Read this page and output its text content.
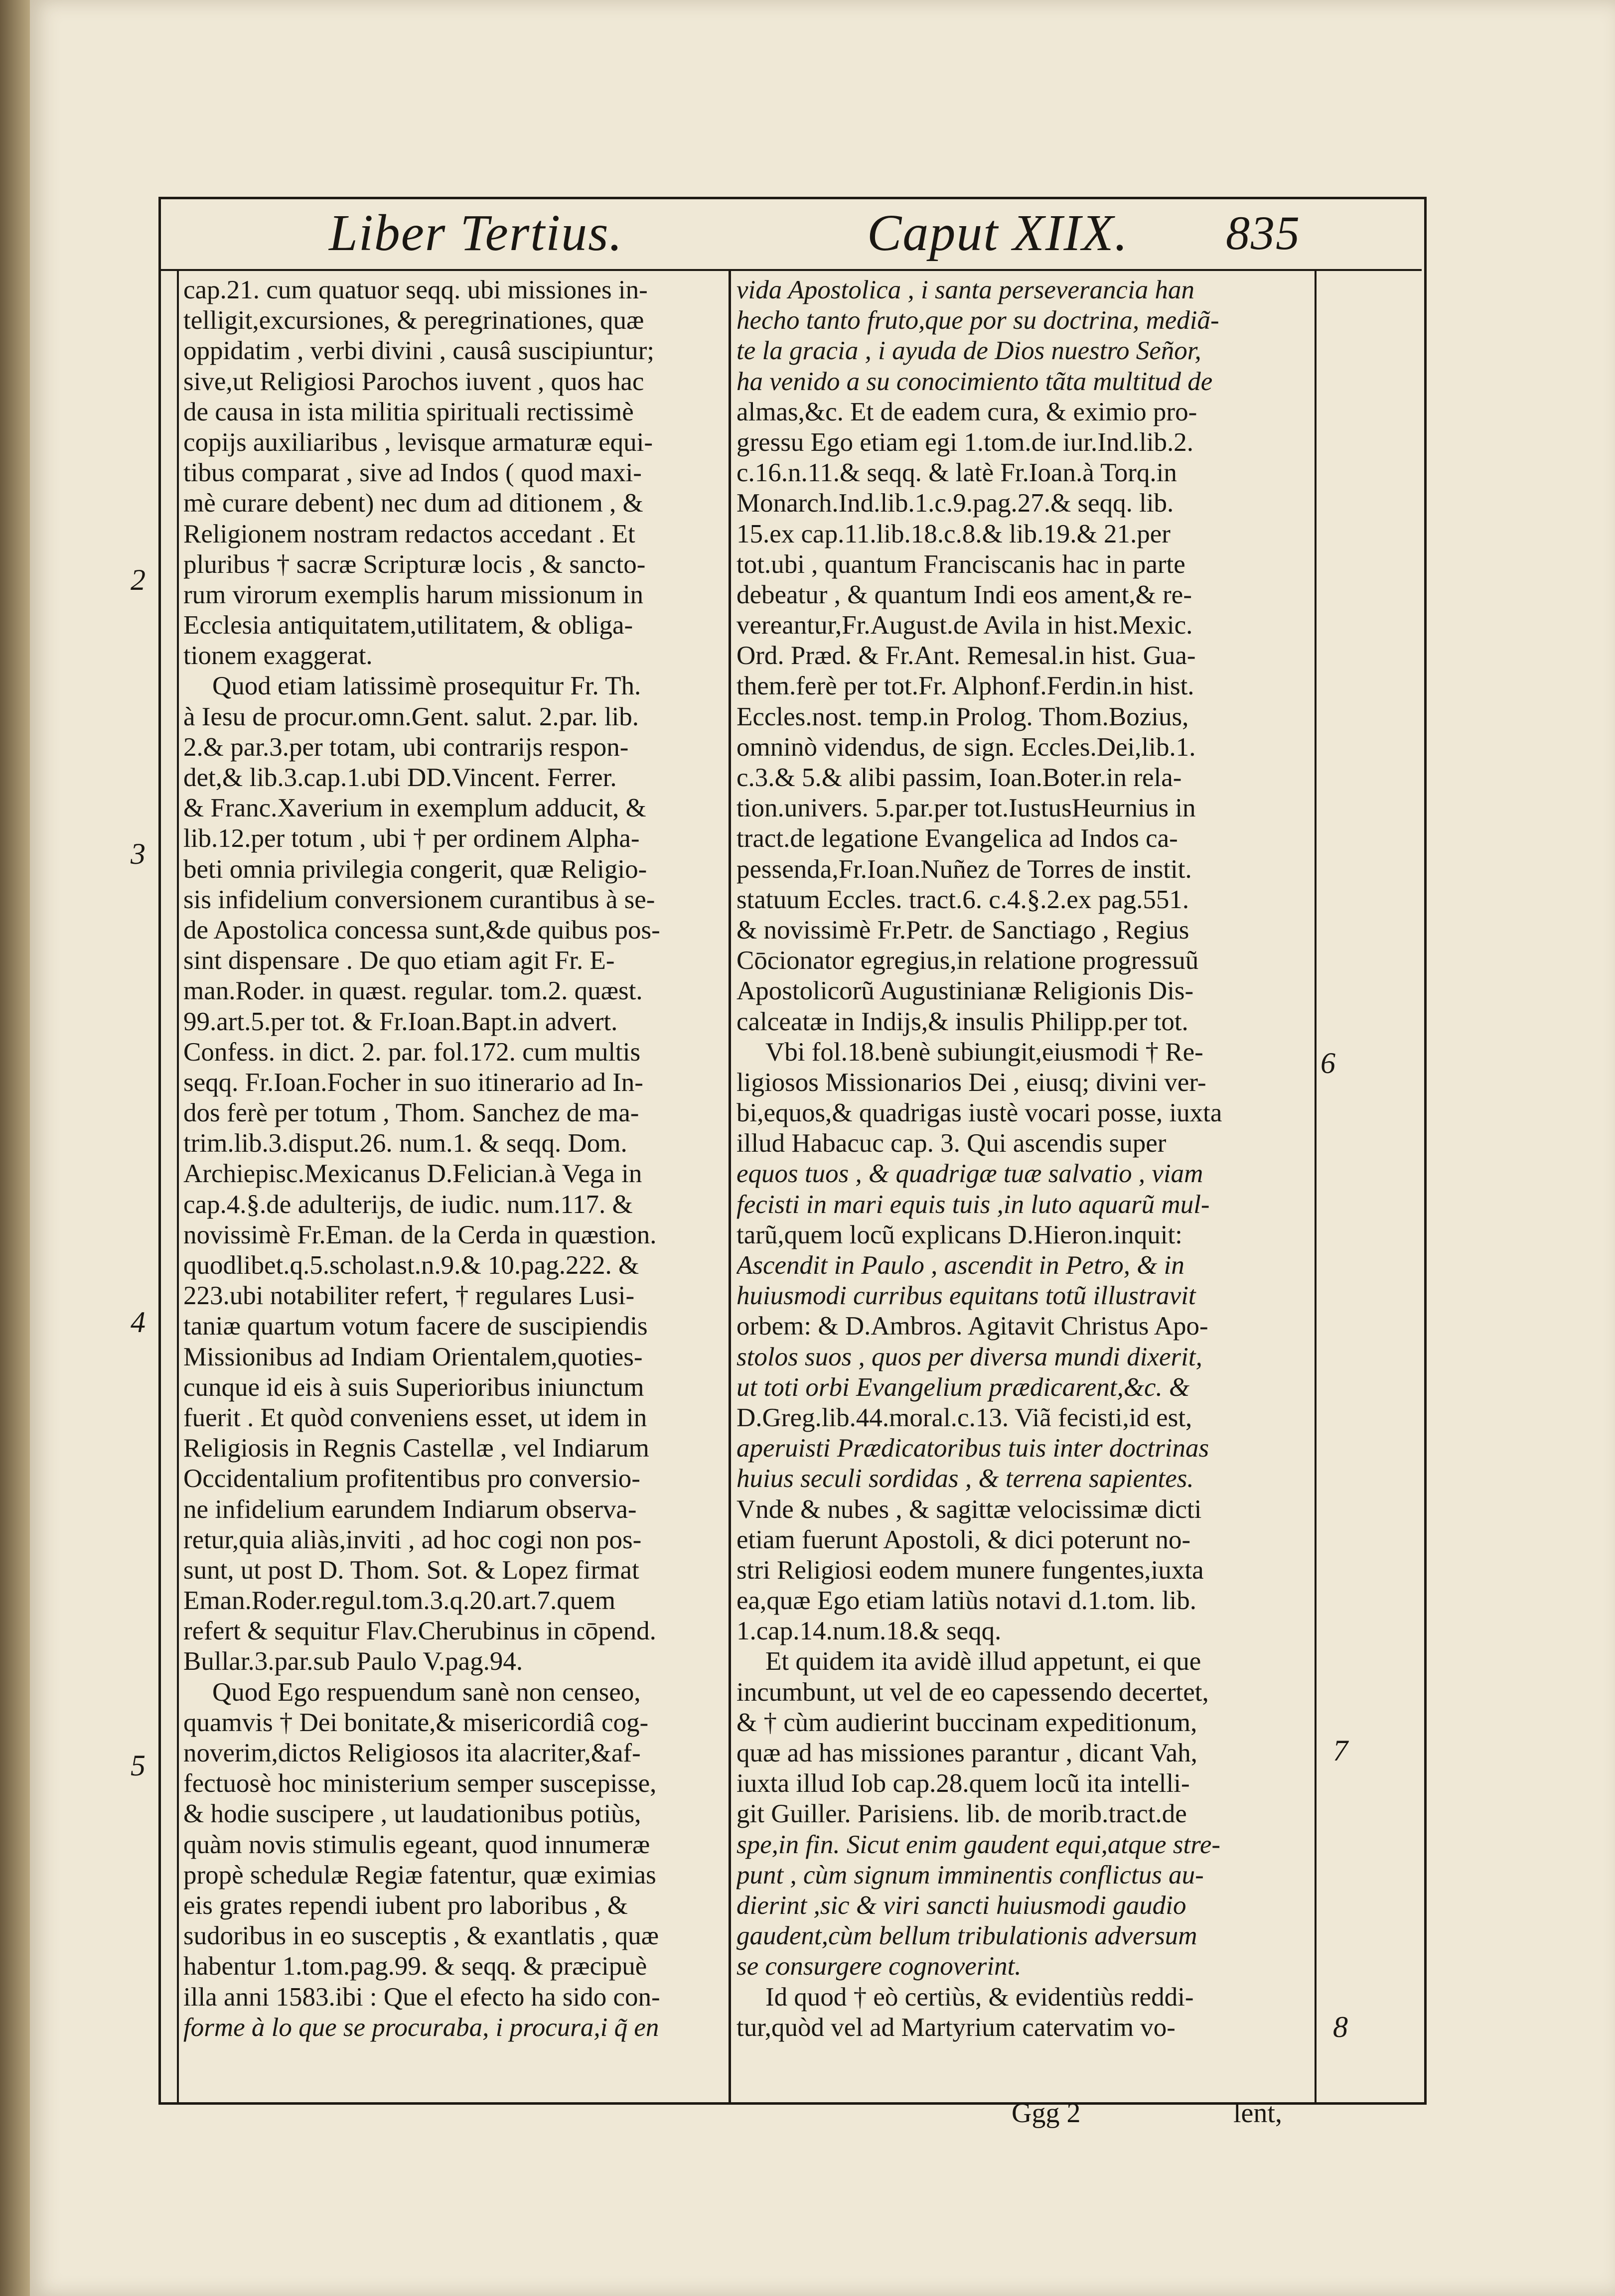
Liber Tertius.	Caput XIIX. 835
cap.21. cum quatuor seqq. ubi missiones in-
telligit,excursiones, & peregrinationes, quæ
oppidatim , verbi divini , causâ suscipiuntur;
sive,ut Religiosi Parochos iuvent , quos hac
de causa in ista militia spirituali rectissimè
copijs auxiliaribus , levisque armaturæ equi-
tibus comparat , sive ad Indos ( quod maxi-
mè curare debent) nec dum ad ditionem , &
Religionem nostram redactos accedant . Et
pluribus † sacræ Scripturæ locis , & sancto-
rum virorum exemplis harum missionum in
Ecclesia antiquitatem,utilitatem, & obliga-
tionem exaggerat.
Quod etiam latissimè prosequitur Fr. Th.
à Iesu de procur.omn.Gent. salut. 2.par. lib.
2.& par.3.per totam, ubi contrarijs respon-
det,& lib.3.cap.1.ubi DD.Vincent. Ferrer.
& Franc.Xaverium in exemplum adducit, &
lib.12.per totum , ubi † per ordinem Alpha-
beti omnia privilegia congerit, quæ Religio-
sis infidelium conversionem curantibus à se-
de Apostolica concessa sunt,&de quibus pos-
sint dispensare . De quo etiam agit Fr. E-
man.Roder. in quæst. regular. tom.2. quæst.
99.art.5.per tot. & Fr.Ioan.Bapt.in advert.
Confess. in dict. 2. par. fol.172. cum multis
seqq. Fr.Ioan.Focher in suo itinerario ad In-
dos ferè per totum , Thom. Sanchez de ma-
trim.lib.3.disput.26. num.1. & seqq. Dom.
Archiepisc.Mexicanus D.Felician.à Vega in
cap.4.§.de adulterijs, de iudic. num.117. &
novissimè Fr.Eman. de la Cerda in quæstion.
quodlibet.q.5.scholast.n.9.& 10.pag.222. &
223.ubi notabiliter refert, † regulares Lusi-
taniæ quartum votum facere de suscipiendis
Missionibus ad Indiam Orientalem,quoties-
cunque id eis à suis Superioribus iniunctum
fuerit . Et quòd conveniens esset, ut idem in
Religiosis in Regnis Castellæ , vel Indiarum
Occidentalium profitentibus pro conversio-
ne infidelium earundem Indiarum observa-
retur,quia aliàs,inviti , ad hoc cogi non pos-
sunt, ut post D. Thom. Sot. & Lopez firmat
Eman.Roder.regul.tom.3.q.20.art.7.quem
refert & sequitur Flav.Cherubinus in cōpend.
Bullar.3.par.sub Paulo V.pag.94.
Quod Ego respuendum sanè non censeo,
quamvis † Dei bonitate,& misericordiâ cog-
noverim,dictos Religiosos ita alacriter,&af-
fectuosè hoc ministerium semper suscepisse,
& hodie suscipere , ut laudationibus potiùs,
quàm novis stimulis egeant, quod innumeræ
propè schedulæ Regiæ fatentur, quæ eximias
eis grates rependi iubent pro laboribus , &
sudoribus in eo susceptis , & exantlatis , quæ
habentur 1.tom.pag.99. & seqq. & præcipuè
illa anni 1583.ibi : Que el efecto ha sido con-
forme à lo que se procuraba, i procura,i q̃ en
vida Apostolica , i santa perseverancia han
hecho tanto fruto,que por su doctrina, mediã-
te la gracia , i ayuda de Dios nuestro Señor,
ha venido a su conocimiento tãta multitud de
almas,&c. Et de eadem cura, & eximio pro-
gressu Ego etiam egi 1.tom.de iur.Ind.lib.2.
c.16.n.11.& seqq. & latè Fr.Ioan.à Torq.in
Monarch.Ind.lib.1.c.9.pag.27.& seqq. lib.
15.ex cap.11.lib.18.c.8.& lib.19.& 21.per
tot.ubi , quantum Franciscanis hac in parte
debeatur , & quantum Indi eos ament,& re-
vereantur,Fr.August.de Avila in hist.Mexic.
Ord. Præd. & Fr.Ant. Remesal.in hist. Gua-
them.ferè per tot.Fr. Alphonf.Ferdin.in hist.
Eccles.nost. temp.in Prolog. Thom.Bozius,
omninò videndus, de sign. Eccles.Dei,lib.1.
c.3.& 5.& alibi passim, Ioan.Boter.in rela-
tion.univers. 5.par.per tot.IustusHeurnius in
tract.de legatione Evangelica ad Indos ca-
pessenda,Fr.Ioan.Nuñez de Torres de instit.
statuum Eccles. tract.6. c.4.§.2.ex pag.551.
& novissimè Fr.Petr. de Sanctiago , Regius
Cōcionator egregius,in relatione progressuũ
Apostolicorũ Augustinianæ Religionis Dis-
calceatæ in Indijs,& insulis Philipp.per tot.
Vbi fol.18.benè subiungit,eiusmodi † Re-
ligiosos Missionarios Dei , eiusq; divini ver-
bi,equos,& quadrigas iustè vocari posse, iuxta
illud Habacuc cap. 3. Qui ascendis super
equos tuos , & quadrigæ tuæ salvatio , viam
fecisti in mari equis tuis ,in luto aquarũ mul-
tarũ,quem locũ explicans D.Hieron.inquit:
Ascendit in Paulo , ascendit in Petro, & in
huiusmodi curribus equitans totũ illustravit
orbem: & D.Ambros. Agitavit Christus Apo-
stolos suos , quos per diversa mundi dixerit,
ut toti orbi Evangelium prædicarent,&c. &
D.Greg.lib.44.moral.c.13. Viã fecisti,id est,
aperuisti Prædicatoribus tuis inter doctrinas
huius seculi sordidas , & terrena sapientes.
Vnde & nubes , & sagittæ velocissimæ dicti
etiam fuerunt Apostoli, & dici poterunt no-
stri Religiosi eodem munere fungentes,iuxta
ea,quæ Ego etiam latiùs notavi d.1.tom. lib.
1.cap.14.num.18.& seqq.
Et quidem ita avidè illud appetunt, ei que
incumbunt, ut vel de eo capessendo decertet,
& † cùm audierint buccinam expeditionum,
quæ ad has missiones parantur , dicant Vah,
iuxta illud Iob cap.28.quem locũ ita intelli-
git Guiller. Parisiens. lib. de morib.tract.de
spe,in fin. Sicut enim gaudent equi,atque stre-
punt , cùm signum imminentis conflictus au-
dierint ,sic & viri sancti huiusmodi gaudio
gaudent,cùm bellum tribulationis adversum
se consurgere cognoverint.
Id quod † eò certiùs, & evidentiùs reddi-
tur,quòd vel ad Martyrium catervatim vo-
2
3
4
5
6
7
8
Ggg 2	lent,
